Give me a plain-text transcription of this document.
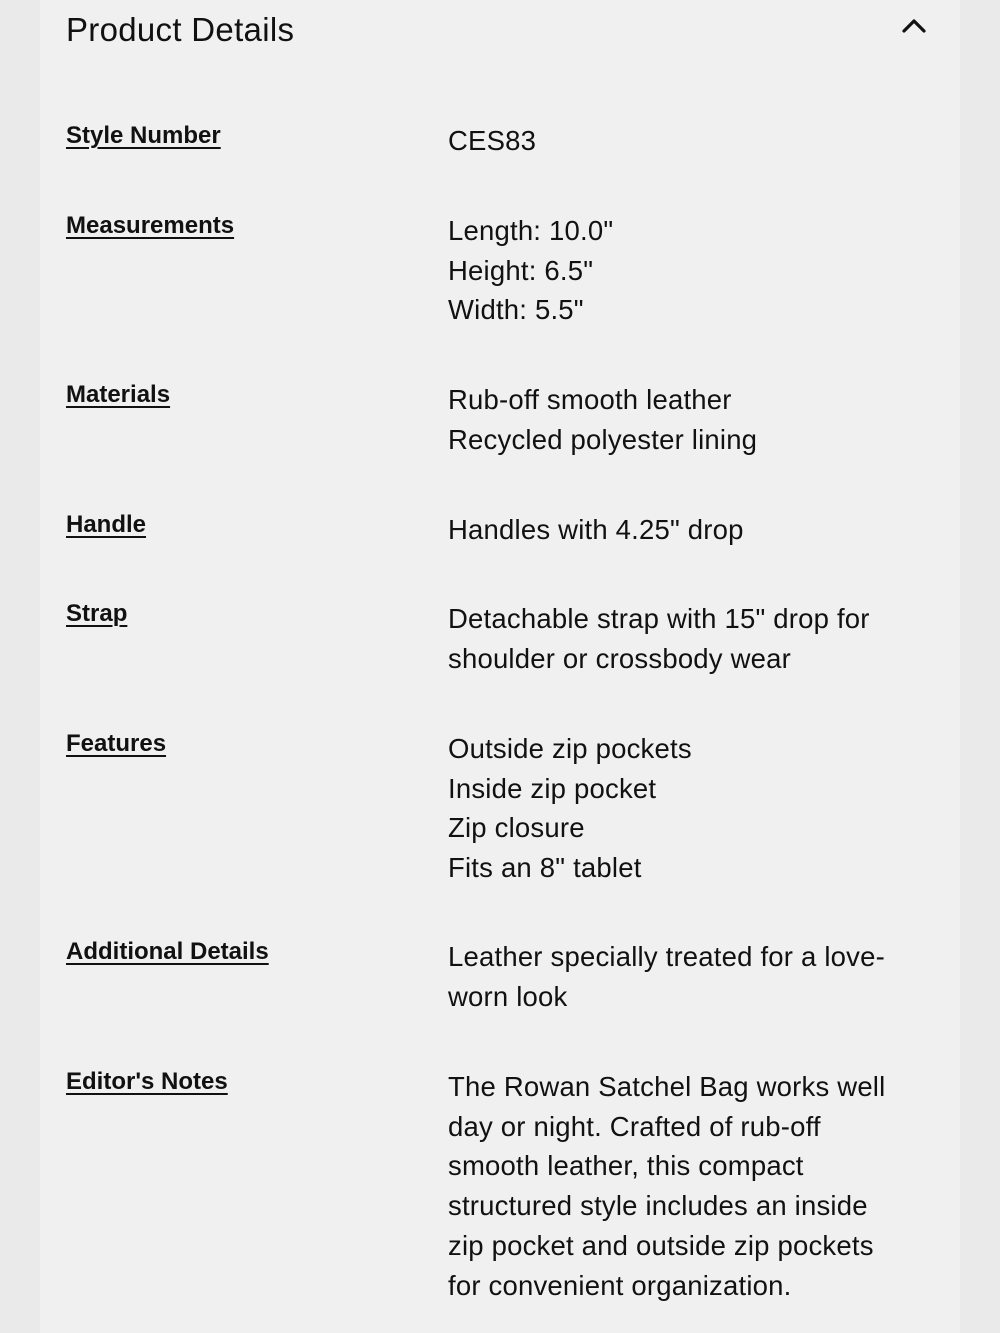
Product Details
Style Number	CES83
Measurements	Length: 10.0"
Height: 6.5"
Width: 5.5"
Materials	Rub-off smooth leather
Recycled polyester lining
Handle	Handles with 4.25" drop
Strap	Detachable strap with 15" drop for
shoulder or crossbody wear
Features	Outside zip pockets
Inside zip pocket
Zip closure
Fits an 8" tablet
Additional Details	Leather specially treated for a love-
worn look
Editor's Notes	The Rowan Satchel Bag works well
day or night. Crafted of rub-off
smooth leather, this compact
structured style includes an inside
zip pocket and outside zip pockets
for convenient organization.
